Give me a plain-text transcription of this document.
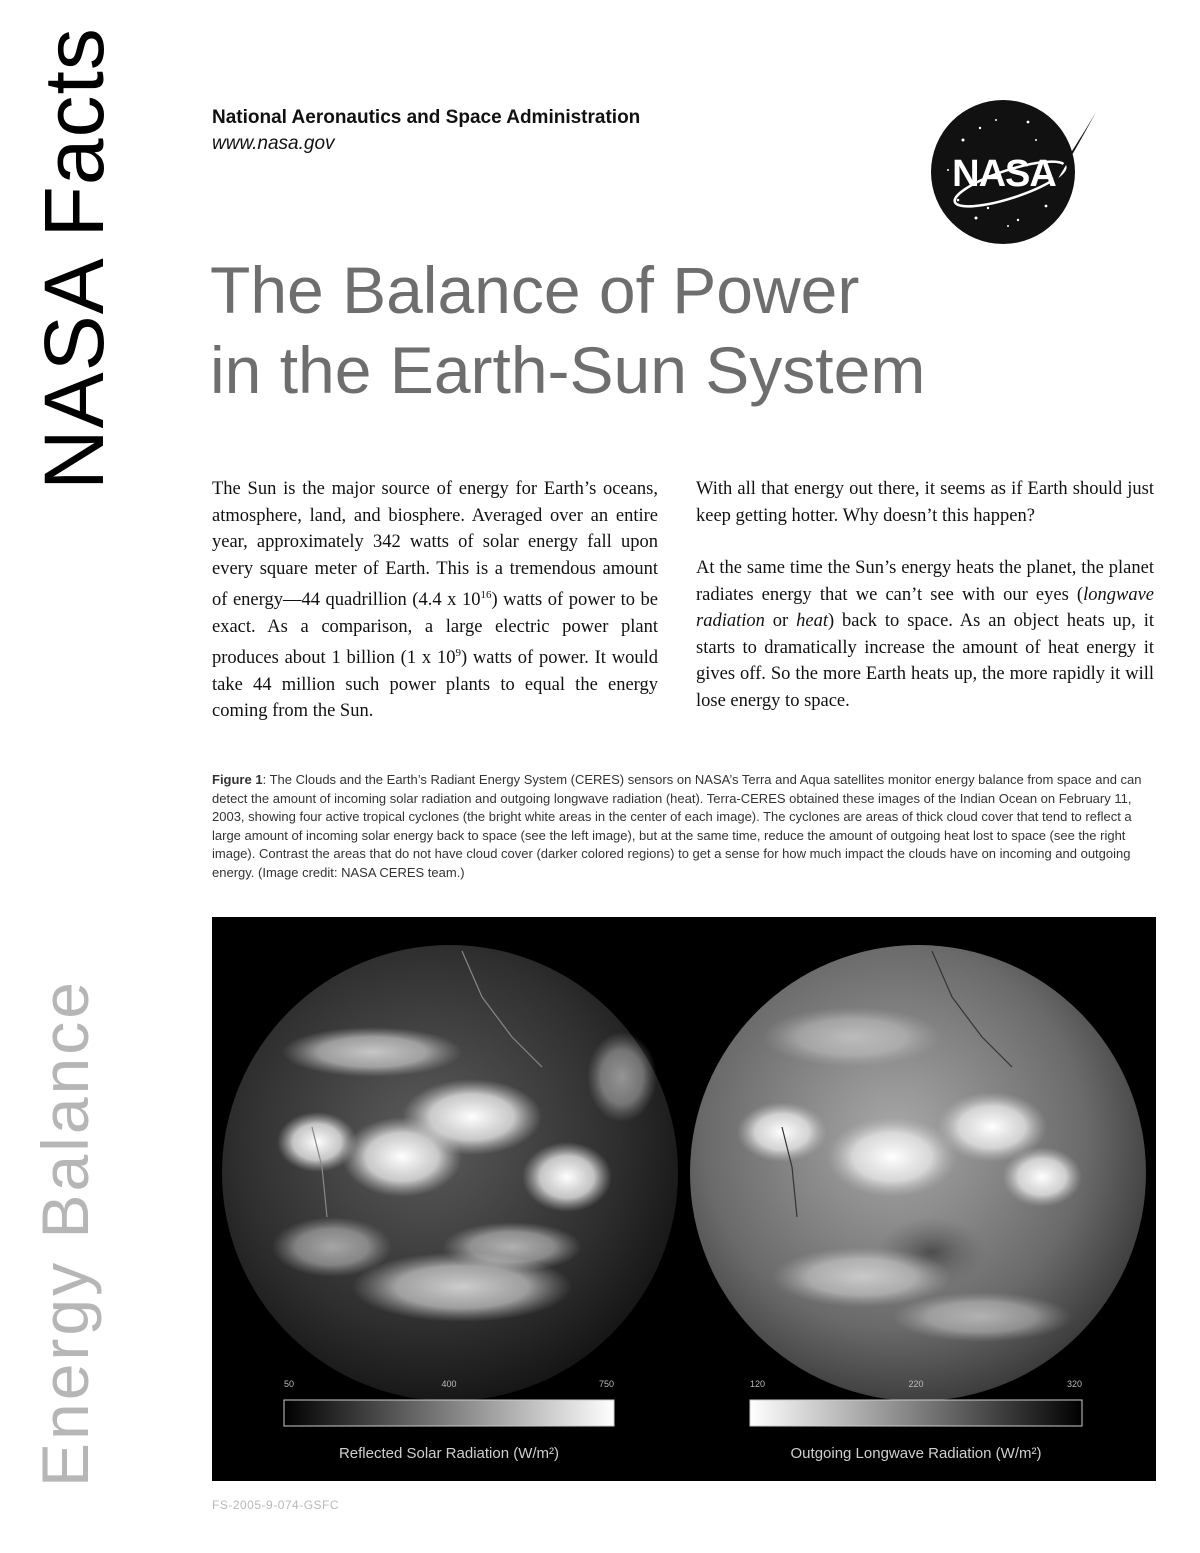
NASA Facts
Energy Balance
National Aeronautics and Space Administration
www.nasa.gov
NASA
The Balance of Power
in the Earth-Sun System

The Sun is the major source of energy for Earth’s oceans, atmosphere, land, and biosphere. Averaged over an entire year, approximately 342 watts of solar energy fall upon every square meter of Earth. This is a tremendous amount of energy—44 quadrillion (4.4 x $10^{16}$) watts of power to be exact. As a comparison, a large electric power plant produces about 1 billion (1 x $10^9$) watts of power. It would take 44 million such power plants to equal the energy coming from the Sun.

With all that energy out there, it seems as if Earth should just keep getting hotter. Why doesn’t this happen?

At the same time the Sun’s energy heats the planet, the planet radiates energy that we can’t see with our eyes (longwave radiation or heat) back to space. As an object heats up, it starts to dramatically increase the amount of heat energy it gives off. So the more Earth heats up, the more rapidly it will lose energy to space.

Figure 1: The Clouds and the Earth’s Radiant Energy System (CERES) sensors on NASA’s Terra and Aqua satellites monitor energy balance from space and can detect the amount of incoming solar radiation and outgoing longwave radiation (heat). Terra-CERES obtained these images of the Indian Ocean on February 11, 2003, showing four active tropical cyclones (the bright white areas in the center of each image). The cyclones are areas of thick cloud cover that tend to reflect a large amount of incoming solar energy back to space (see the left image), but at the same time, reduce the amount of outgoing heat lost to space (see the right image). Contrast the areas that do not have cloud cover (darker colored regions) to get a sense for how much impact the clouds have on incoming and outgoing energy. (Image credit: NASA CERES team.)

50	400	750
Reflected Solar Radiation (W/m²)
120	220	320
Outgoing Longwave Radiation (W/m²)
FS-2005-9-074-GSFC
